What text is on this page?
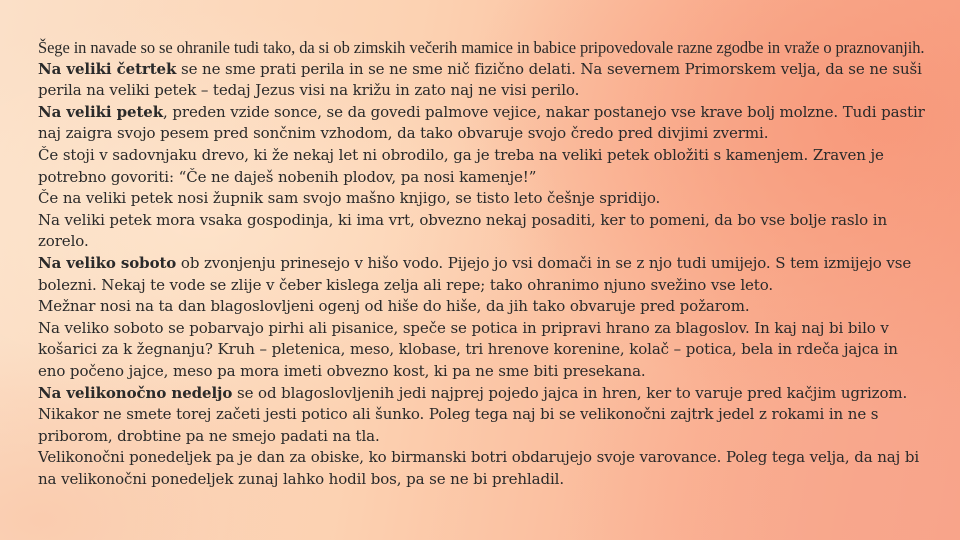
Šege in navade so se ohranile tudi tako, da si ob zimskih večerih mamice in babice pripovedovale razne zgodbe in vraže o praznovanjih.

Na veliki četrtek se ne sme prati perila in se ne sme nič fizično delati. Na severnem Primorskem velja, da se ne suši perila na veliki petek – tedaj Jezus visi na križu in zato naj ne visi perilo.

Na veliki petek, preden vzide sonce, se da govedi palmove vejice, nakar postanejo vse krave bolj molzne. Tudi pastir naj zaigra svojo pesem pred sončnim vzhodom, da tako obvaruje svojo čredo pred divjimi zvermi.

Če stoji v sadovnjaku drevo, ki že nekaj let ni obrodilo, ga je treba na veliki petek obložiti s kamenjem. Zraven je potrebno govoriti: “Če ne daješ nobenih plodov, pa nosi kamenje!”

Če na veliki petek nosi župnik sam svojo mašno knjigo, se tisto leto češnje spridijo.

Na veliki petek mora vsaka gospodinja, ki ima vrt, obvezno nekaj posaditi, ker to pomeni, da bo vse bolje raslo in zorelo.

Na veliko soboto ob zvonjenju prinesejo v hišo vodo. Pijejo jo vsi domači in se z njo tudi umijejo. S tem izmijejo vse bolezni. Nekaj te vode se zlije v čeber kislega zelja ali repe; tako ohranimo njuno svežino vse leto.

Mežnar nosi na ta dan blagoslovljeni ogenj od hiše do hiše, da jih tako obvaruje pred požarom.

Na veliko soboto se pobarvajo pirhi ali pisanice, speče se potica in pripravi hrano za blagoslov. In kaj naj bi bilo v košarici za k žegnanju? Kruh – pletenica, meso, klobase, tri hrenove korenine, kolač – potica, bela in rdeča jajca in eno počeno jajce, meso pa mora imeti obvezno kost, ki pa ne sme biti presekana.

Na velikonočno nedeljo se od blagoslovljenih jedi najprej pojedo jajca in hren, ker to varuje pred kačjim ugrizom. Nikakor ne smete torej začeti jesti potico ali šunko. Poleg tega naj bi se velikonočni zajtrk jedel z rokami in ne s priborom, drobtine pa ne smejo padati na tla.

Velikonočni ponedeljek pa je dan za obiske, ko birmanski botri obdarujejo svoje varovance. Poleg tega velja, da naj bi na velikonočni ponedeljek zunaj lahko hodil bos, pa se ne bi prehladil.
